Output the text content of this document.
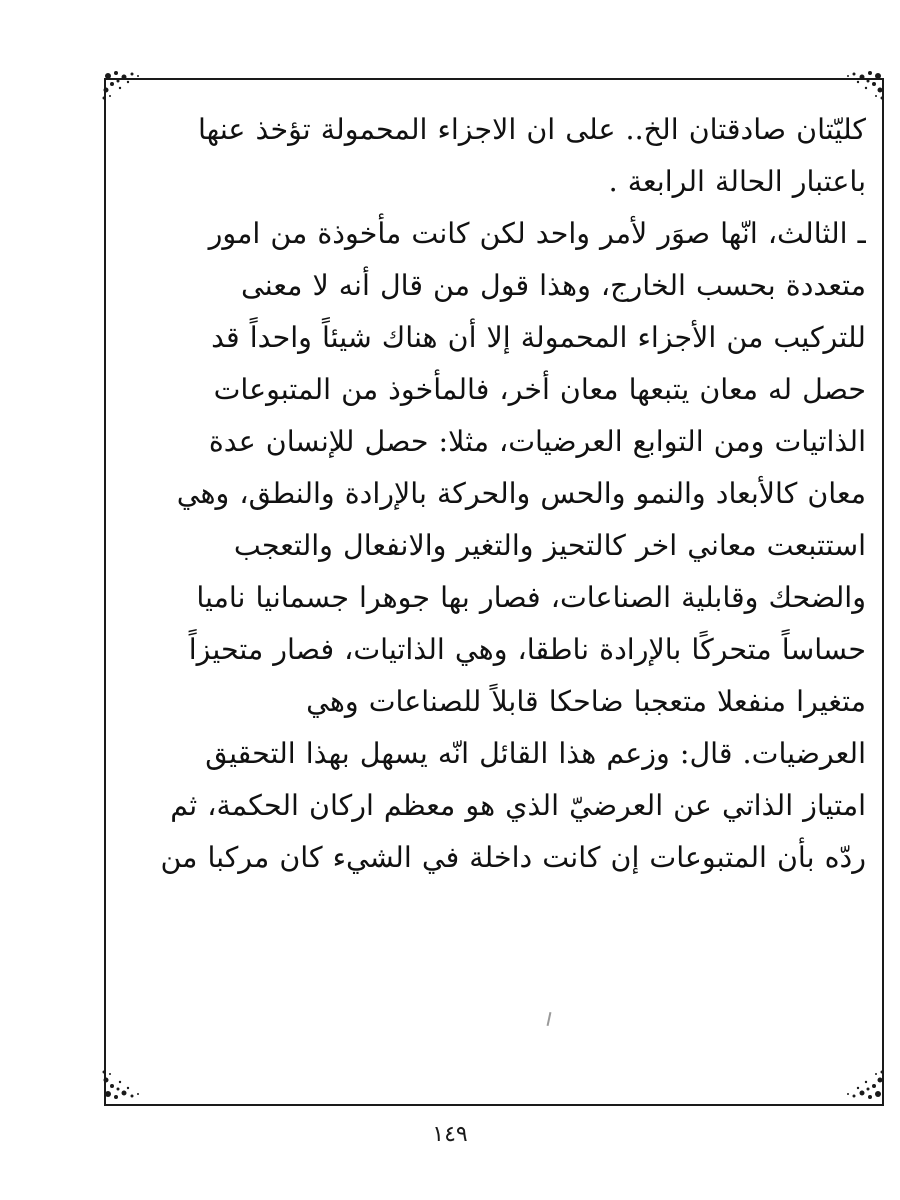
كليّتان صادقتان الخ.. على ان الاجزاء المحمولة تؤخذ عنها
باعتبار الحالة الرابعة .
ـ الثالث، انّها صوَر لأمر واحد لكن كانت مأخوذة من امور
متعددة بحسب الخارج، وهذا قول من قال أنه لا معنى
للتركيب من الأجزاء المحمولة إلا أن هناك شيئاً واحداً قد
حصل له معان يتبعها معان أخر، فالمأخوذ من المتبوعات
الذاتيات ومن التوابع العرضيات، مثلا: حصل للإنسان عدة
معان كالأبعاد والنمو والحس والحركة بالإرادة والنطق، وهي
استتبعت معاني اخر كالتحيز والتغير والانفعال والتعجب
والضحك وقابلية الصناعات، فصار بها جوهرا جسمانيا ناميا
حساساً متحركًا بالإرادة ناطقا، وهي الذاتيات، فصار متحيزاً
متغيرا منفعلا متعجبا ضاحكا قابلاً للصناعات وهي
العرضيات. قال: وزعم هذا القائل انّه يسهل بهذا التحقيق
امتياز الذاتي عن العرضيّ الذي هو معظم اركان الحكمة، ثم
ردّه بأن المتبوعات إن كانت داخلة في الشيء كان مركبا من
١٤٩
